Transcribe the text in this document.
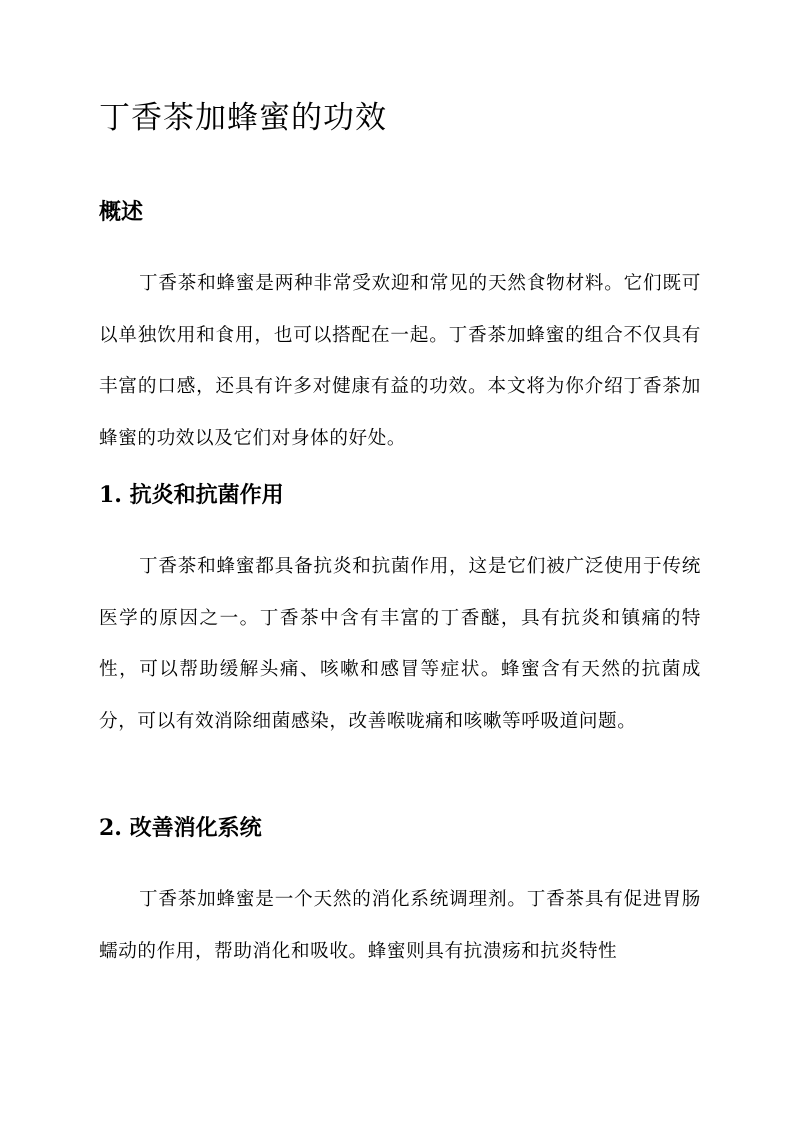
丁香茶加蜂蜜的功效
概述

丁香茶和蜂蜜是两种非常受欢迎和常见的天然食物材料。它们既可以单独饮用和食用，也可以搭配在一起。丁香茶加蜂蜜的组合不仅具有丰富的口感，还具有许多对健康有益的功效。本文将为你介绍丁香茶加蜂蜜的功效以及它们对身体的好处。

1. 抗炎和抗菌作用

丁香茶和蜂蜜都具备抗炎和抗菌作用，这是它们被广泛使用于传统医学的原因之一。丁香茶中含有丰富的丁香醚，具有抗炎和镇痛的特性，可以帮助缓解头痛、咳嗽和感冒等症状。蜂蜜含有天然的抗菌成分，可以有效消除细菌感染，改善喉咙痛和咳嗽等呼吸道问题。

2. 改善消化系统

丁香茶加蜂蜜是一个天然的消化系统调理剂。丁香茶具有促进胃肠蠕动的作用，帮助消化和吸收。蜂蜜则具有抗溃疡和抗炎特性
